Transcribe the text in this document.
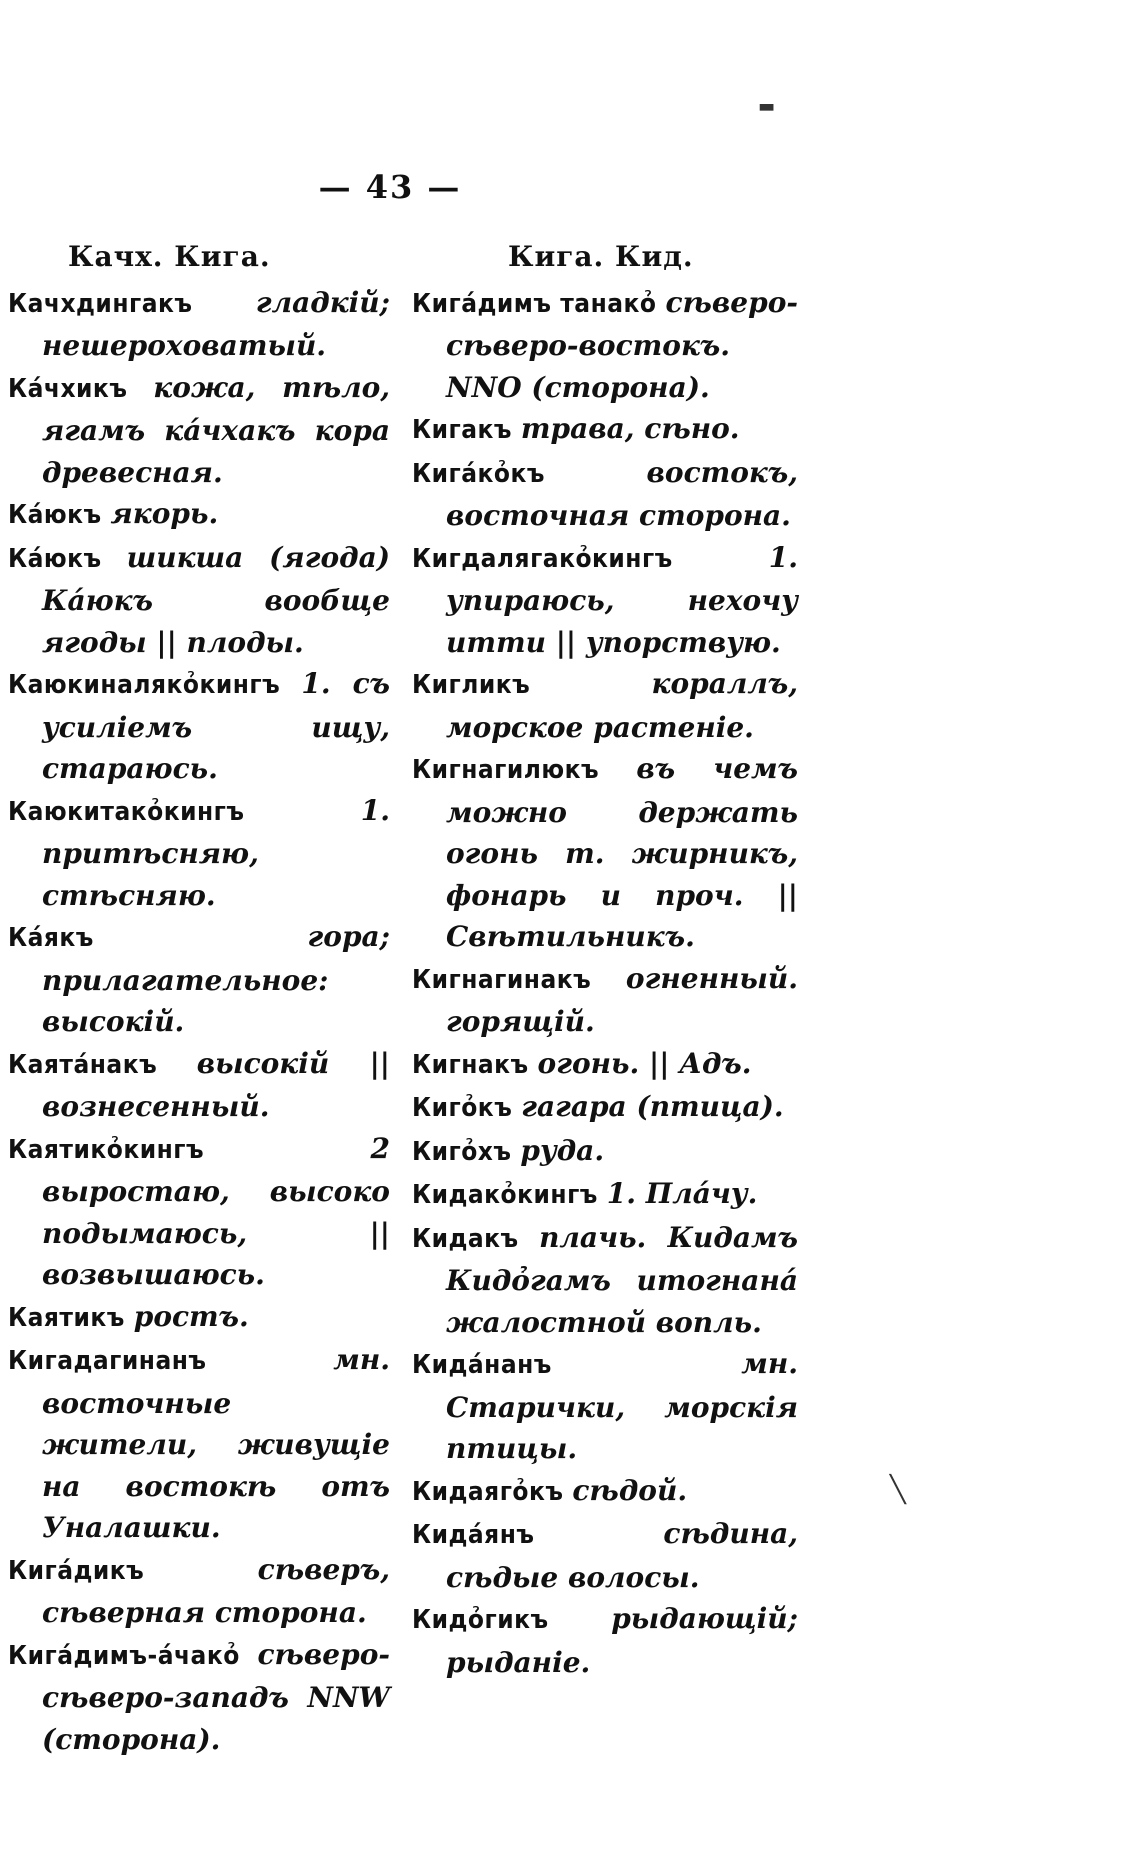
— 43 —
Качх. Кига.
Качхдингакъ гладкій; нешероховатый.
Кáчхикъ кожа, тѣло, ягамъ кáчхакъ кора древесная.
Кáюкъ якорь.
Кáюкъ шикша (ягода) Кáюкъ вообще ягоды || плоды.
Каюкиналякỏкингъ 1. съ усиліемъ ищу, стараюсь.
Каюкитакỏкингъ	1. притѣсняю, стѣсняю.
Кáякъ	гора; прилагательное: высокій.
Каятáнакъ высокій || вознесенный.
Каятикỏкингъ	2 выростаю, высоко подымаюсь, || возвышаюсь.
Каятикъ ростъ.
Кигадагинанъ	мн. восточные жители, живущіе на востокѣ отъ Уналашки.
Кигáдикъ	сѣверъ, сѣверная сторона.
Кигáдимъ-áчакỏ сѣверо-сѣверо-западъ NNW (сторона).
Кига. Кид.
Кигáдимъ танакỏ сѣверо-сѣверо-востокъ. NNO (сторона).
Кигакъ трава, сѣно.
Кигáкỏкъ	востокъ, восточная сторона.
Кигдалягакỏкингъ	1. упираюсь, нехочу итти || упорствую.
Кигликъ	кораллъ, морское растеніе.
Кигнагилюкъ въ чемъ можно держать огонь т. жирникъ, фонарь и проч. || Свѣтильникъ.
Кигнагинакъ огненный. горящій.
Кигнакъ огонь. || Адъ.
Кигỏкъ гагара (птица).
Кигỏхъ руда.
Кидакỏкингъ 1. Плáчу.
Кидакъ плачь. Кидамъ Кидỏгамъ итогнанá жалостной вопль.
Кидáнанъ	мн. Старички, морскія птицы.
Кидаягỏкъ сѣдой.
Кидáянъ	сѣдина, сѣдые волосы.
Кидỏгикъ рыдающій; рыданіе.
▬
╲
